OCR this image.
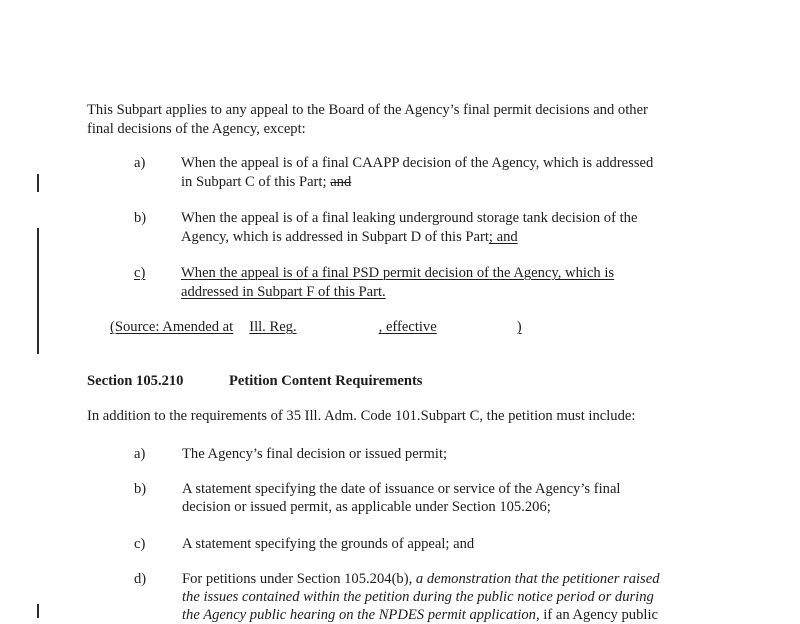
This Subpart applies to any appeal to the Board of the Agency’s final permit decisions and other
final decisions of the Agency, except:
a) When the appeal is of a final CAAPP decision of the Agency, which is addressed
in Subpart C of this Part; and
b) When the appeal is of a final leaking underground storage tank decision of the
Agency, which is addressed in Subpart D of this Part; and
c)	When the appeal is of a final PSD permit decision of the Agency, which is
addressed in Subpart F of this Part.
(Source: Amended at Ill. Reg.	, effective	)
Section 105.210	Petition Content Requirements
In addition to the requirements of 35 Ill. Adm. Code 101.Subpart C, the petition must include:
a)	The Agency’s final decision or issued permit;
b) A statement specifying the date of issuance or service of the Agency’s final
decision or issued permit, as applicable under Section 105.206;
c)	A statement specifying the grounds of appeal; and
d) For petitions under Section 105.204(b), a demonstration that the petitioner raised
the issues contained within the petition during the public notice period or during
the Agency public hearing on the NPDES permit application, if an Agency public
